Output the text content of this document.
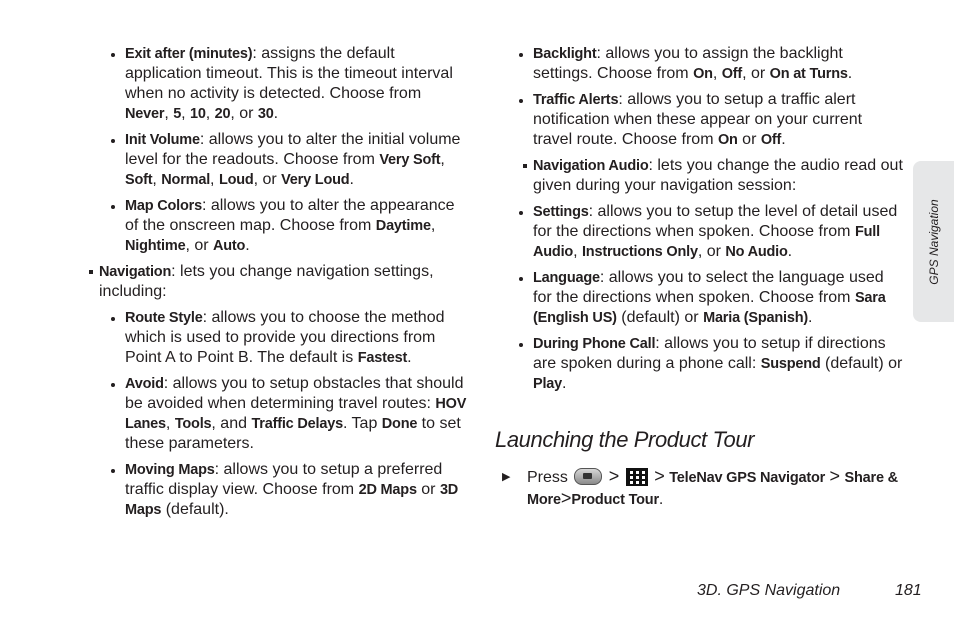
Exit after (minutes): assigns the default application timeout. This is the timeout interval when no activity is detected. Choose from Never, 5, 10, 20, or 30.
Init Volume: allows you to alter the initial volume level for the readouts. Choose from Very Soft, Soft, Normal, Loud, or Very Loud.
Map Colors: allows you to alter the appearance of the onscreen map. Choose from Daytime, Nightime, or Auto.
Navigation: lets you change navigation settings, including:
Route Style: allows you to choose the method which is used to provide you directions from Point A to Point B. The default is Fastest.
Avoid: allows you to setup obstacles that should be avoided when determining travel routes: HOV Lanes, Tools, and Traffic Delays. Tap Done to set these parameters.
Moving Maps: allows you to setup a preferred traffic display view. Choose from 2D Maps or 3D Maps (default).
Backlight: allows you to assign the backlight settings. Choose from On, Off, or On at Turns.
Traffic Alerts: allows you to setup a traffic alert notification when these appear on your current travel route. Choose from On or Off.
Navigation Audio: lets you change the audio read out given during your navigation session:
Settings: allows you to setup the level of detail used for the directions when spoken. Choose from Full Audio, Instructions Only, or No Audio.
Language: allows you to select the language used for the directions when spoken. Choose from Sara (English US) (default) or Maria (Spanish).
During Phone Call: allows you to setup if directions are spoken during a phone call: Suspend (default) or Play.
Launching the Product Tour
▶	Press
> > TeleNav GPS Navigator > Share & More>Product Tour.
GPS Navigation
3D. GPS Navigation	181
